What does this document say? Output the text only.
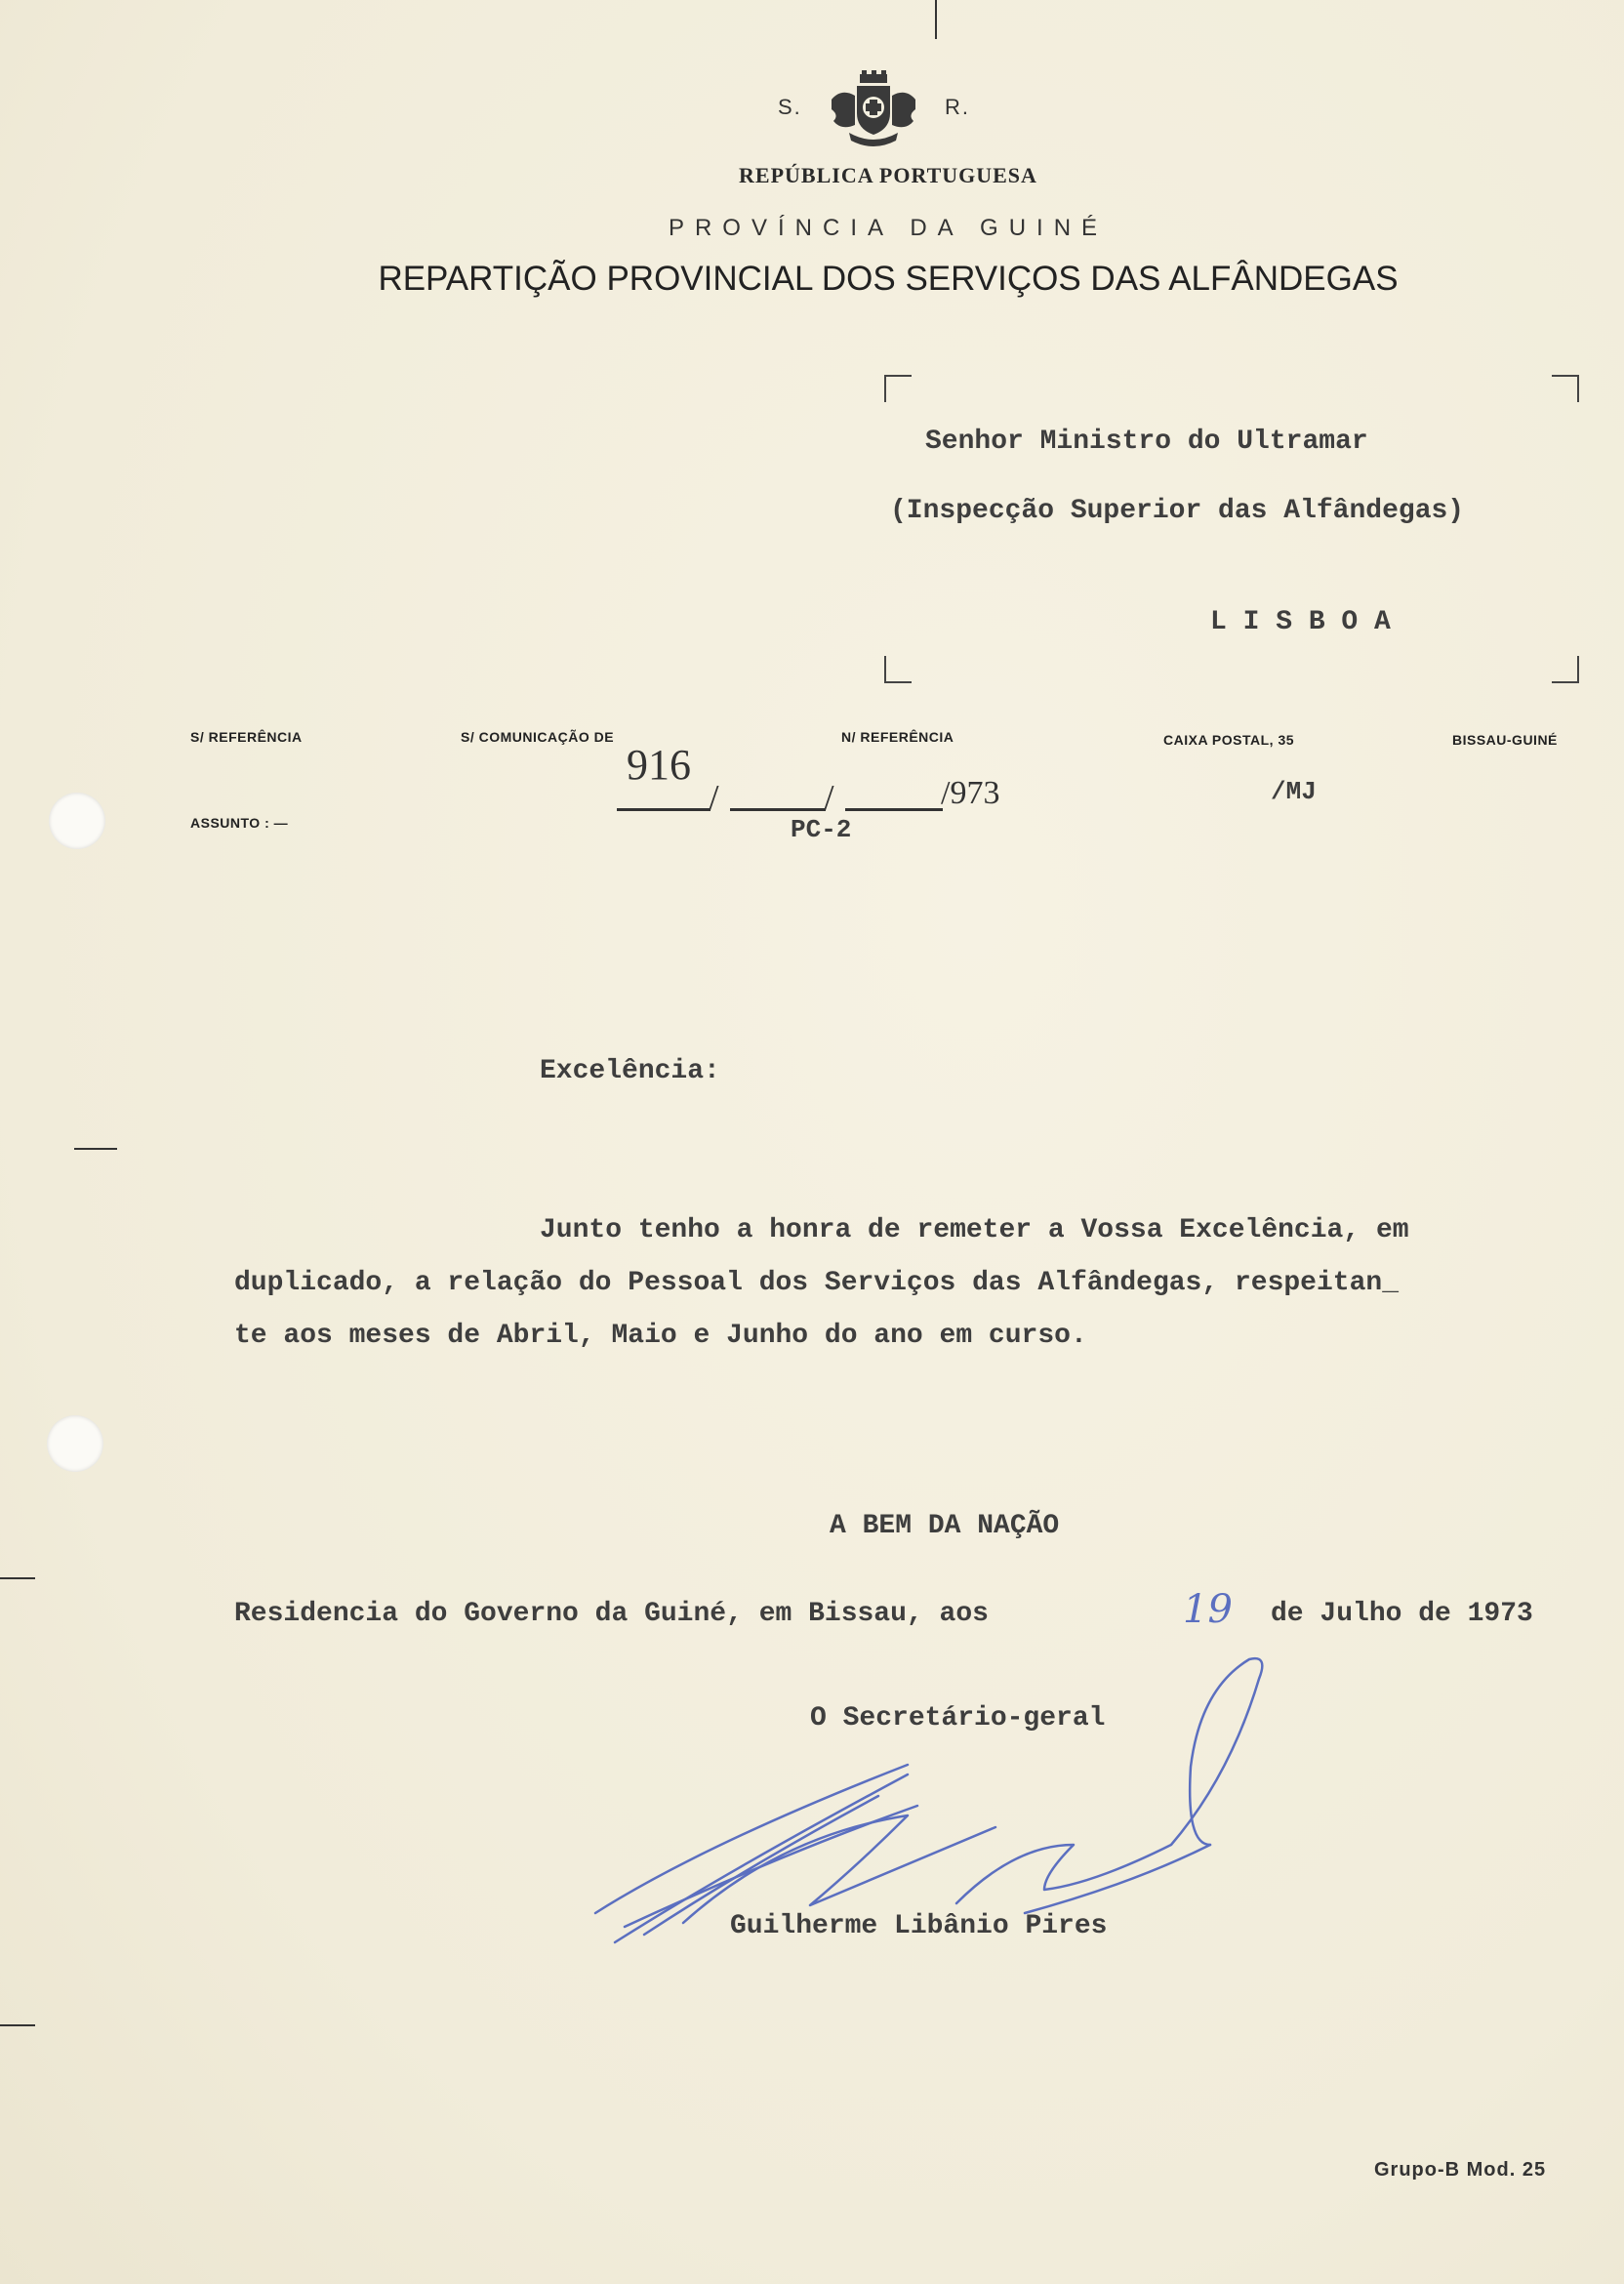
S.	R.
REPÚBLICA PORTUGUESA
PROVÍNCIA DA GUINÉ
REPARTIÇÃO PROVINCIAL DOS SERVIÇOS DAS ALFÂNDEGAS
Senhor Ministro do Ultramar
(Inspecção Superior das Alfândegas)
L I S B O A
S/ REFERÊNCIA	S/ COMUNICAÇÃO DE	N/ REFERÊNCIA	CAIXA POSTAL, 35	BISSAU-GUINÉ
ASSUNTO : —
916
/	/	/973
PC-2
/MJ
Excelência:
Junto tenho a honra de remeter a Vossa Excelência, em
duplicado, a relação do Pessoal dos Serviços das Alfândegas, respeitan_
te aos meses de Abril, Maio e Junho do ano em curso.
A BEM DA NAÇÃO
Residencia do Governo da Guiné, em Bissau, aos	19 de Julho de 1973
O Secretário-geral
Guilherme Libânio Pires
Grupo-B Mod. 25
